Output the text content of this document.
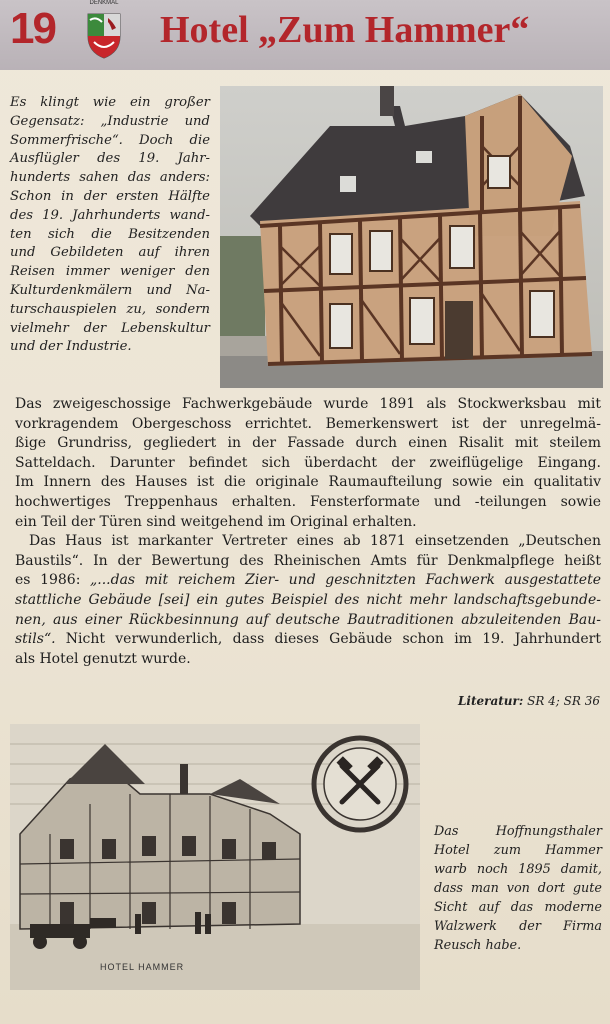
19
DENKMAL
Hotel „Zum Hammer“
Es klingt wie ein großer
Gegensatz: „Industrie und
Sommerfrische“. Doch die
Ausflügler des 19. Jahr-
hunderts sahen das anders:
Schon in der ersten Hälfte
des 19. Jahrhunderts wand-
ten sich die Besitzenden
und Gebildeten auf ihren
Reisen immer weniger den
Kulturdenkmälern und Na-
turschauspielen zu, sondern
vielmehr der Lebenskultur
und der Industrie.
Das zweigeschossige Fachwerkgebäude wurde 1891 als Stockwerksbau mit
vorkragendem Obergeschoss errichtet. Bemerkenswert ist der unregelmä-
ßige Grundriss, gegliedert in der Fassade durch einen Risalit mit steilem
Satteldach. Darunter befindet sich überdacht der zweiflügelige Eingang.
Im Innern des Hauses ist die originale Raumaufteilung sowie ein qualitativ
hochwertiges Treppenhaus erhalten. Fensterformate und -teilungen sowie
ein Teil der Türen sind weitgehend im Original erhalten.
Das Haus ist markanter Vertreter eines ab 1871 einsetzenden „Deutschen
Baustils“. In der Bewertung des Rheinischen Amts für Denkmalpflege heißt
es 1986: „...das mit reichem Zier- und geschnitzten Fachwerk ausgestattete
stattliche Gebäude [sei] ein gutes Beispiel des nicht mehr landschaftsgebunde-
nen, aus einer Rückbesinnung auf deutsche Bautraditionen abzuleitenden Bau-
stils“. Nicht verwunderlich, dass dieses Gebäude schon im 19. Jahrhundert
als Hotel genutzt wurde.
Literatur: SR 4; SR 36
HOTEL HAMMER
Das Hoffnungsthaler
Hotel zum Hammer
warb noch 1895 damit,
dass man von dort gute
Sicht auf das moderne
Walzwerk der Firma
Reusch habe.
